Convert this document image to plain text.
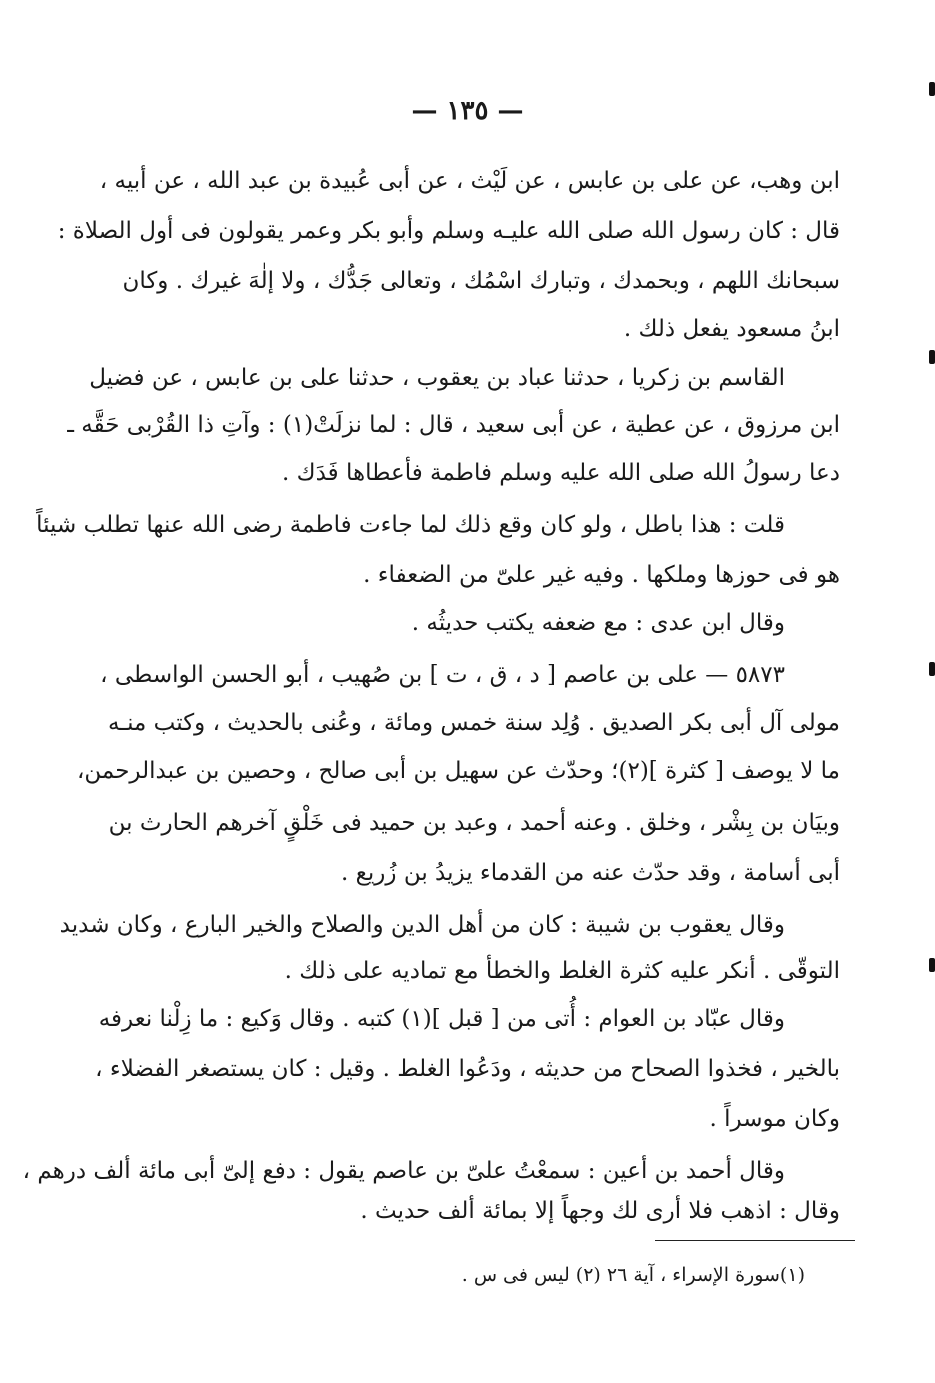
— ١٣٥ —
ابن وهب، عن على بن عابس ، عن لَيْث ، عن أبى عُبيدة بن عبد الله ، عن أبيه ،
قال : كان رسول الله صلى الله عليـه وسلم وأبو بكر وعمر يقولون فى أول الصلاة :
سبحانك اللهم ، وبحمدك ، وتبارك اسْمُك ، وتعالى جَدُّك ، ولا إلٰهَ غيرك . وكان
ابنُ مسعود يفعل ذلك .
القاسم بن زكريا ، حدثنا عباد بن يعقوب ، حدثنا على بن عابس ، عن فضيل
ابن مرزوق ، عن عطية ، عن أبى سعيد ، قال : لما نزلَتْ(١) : وآتِ ذا القُرْبى حَقَّه ـ
دعا رسولُ الله صلى الله عليه وسلم فاطمة فأعطاها فَدَك .
قلت : هذا باطل ، ولو كان وقع ذلك لما جاءت فاطمة رضى الله عنها تطلب شيئاً
هو فى حوزها وملكها . وفيه غير علىّ من الضعفاء .
وقال ابن عدى : مع ضعفه يكتب حديثُه .
٥٨٧٣ — على بن عاصم [ د ، ق ، ت ] بن صُهيب ، أبو الحسن الواسطى ،
مولى آل أبى بكر الصديق . وُلِد سنة خمس ومائة ، وعُنى بالحديث ، وكتب منـه
ما لا يوصف [ كثرة ](٢)؛ وحدّث عن سهيل بن أبى صالح ، وحصين بن عبدالرحمن،
وبيَان بن بِشْر ، وخلق . وعنه أحمد ، وعبد بن حميد فى خَلْقٍ آخرهم الحارث بن
أبى أسامة ، وقد حدّث عنه من القدماء يزيدُ بن زُريع .
وقال يعقوب بن شيبة : كان من أهل الدين والصلاح والخير البارع ، وكان شديد
التوقّى . أنكر عليه كثرة الغلط والخطأ مع تماديه على ذلك .
وقال عبّاد بن العوام : أُتى من [ قبل ](١) كتبه . وقال وَكيع : ما زِلْنا نعرفه
بالخير ، فخذوا الصحاح من حديثه ، ودَعُوا الغلط . وقيل : كان يستصغر الفضلاء ،
وكان موسراً .
وقال أحمد بن أعين : سمعْتُ علىّ بن عاصم يقول : دفع إلىّ أبى مائة ألف درهم ،
وقال : اذهب فلا أرى لك وجهاً إلا بمائة ألف حديث .
(١)سورة الإسراء ، آية ٢٦ (٢) ليس فى س .
